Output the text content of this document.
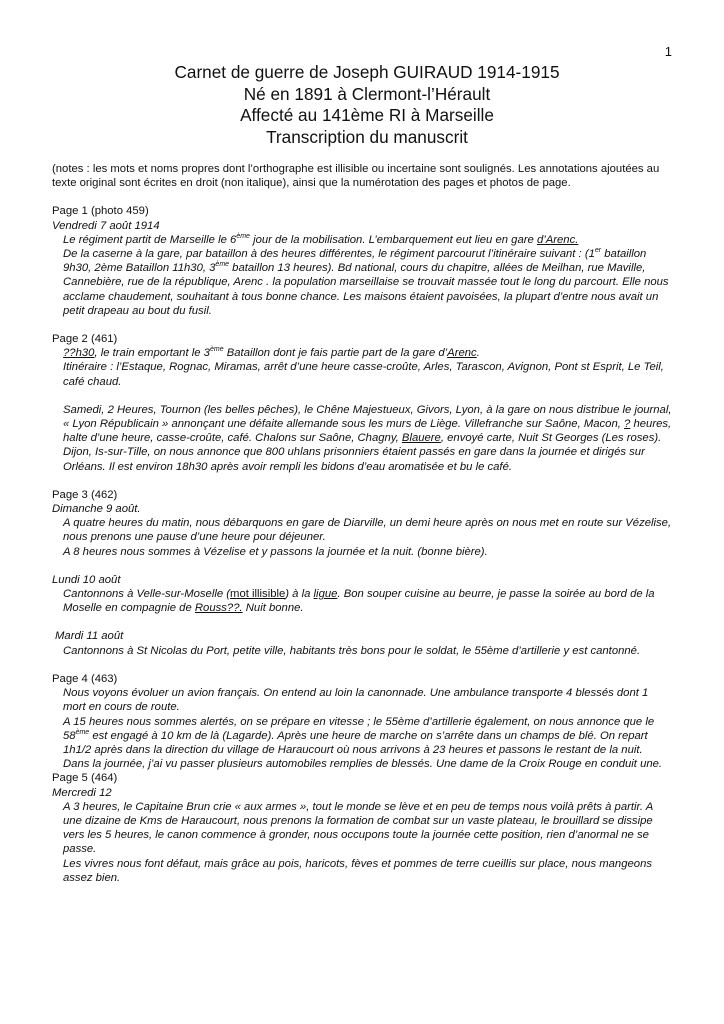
1
Carnet de guerre de Joseph GUIRAUD 1914-1915
Né en 1891 à Clermont-l’Hérault
Affecté au 141ème RI à Marseille
Transcription du manuscrit

(notes : les mots et noms propres dont l’orthographe est illisible ou incertaine sont soulignés. Les annotations ajoutées au texte original sont écrites en droit (non italique), ainsi que la numérotation des pages et photos de page.

Page 1 (photo 459)

Vendredi 7 août 1914

Le régiment partit de Marseille le 6ème jour de la mobilisation. L’embarquement eut lieu en gare d’Arenc.

De la caserne à la gare, par bataillon à des heures différentes, le régiment parcourut l’itinéraire suivant : (1er bataillon 9h30, 2ème Bataillon 11h30, 3ème bataillon 13 heures). Bd national, cours du chapitre, allées de Meilhan, rue Maville, Cannebière, rue de la république, Arenc . la population marseillaise se trouvait massée tout le long du parcourt. Elle nous acclame chaudement, souhaitant à tous bonne chance. Les maisons étaient pavoisées, la plupart d’entre nous avait un petit drapeau au bout du fusil.

Page 2 (461)

??h30, le train emportant le 3ème Bataillon dont je fais partie part de la gare d’Arenc.

Itinéraire : l’Estaque, Rognac, Miramas, arrêt d’une heure casse-croûte, Arles, Tarascon, Avignon, Pont st Esprit, Le Teil, café chaud.

Samedi, 2 Heures, Tournon (les belles pêches), le Chêne Majestueux, Givors, Lyon, à la gare on nous distribue le journal, « Lyon Républicain » annonçant une défaite allemande sous les murs de Liège. Villefranche sur Saône, Macon, ? heures, halte d’une heure, casse-croûte, café. Chalons sur Saône, Chagny, Blauere, envoyé carte, Nuit St Georges (Les roses). Dijon, Is-sur-Tille, on nous annonce que 800 uhlans prisonniers étaient passés en gare dans la journée et dirigés sur Orléans. Il est environ 18h30 après avoir rempli les bidons d’eau aromatisée et bu le café.

Page 3 (462)

Dimanche 9 août.

A quatre heures du matin, nous débarquons en gare de Diarville, un demi heure après on nous met en route sur Vézelise, nous prenons une pause d’une heure pour déjeuner.

A 8 heures nous sommes à Vézelise et y passons la journée et la nuit. (bonne bière).

Lundi 10 août

Cantonnons à Velle-sur-Moselle (mot illisible) à la ligue. Bon souper cuisine au beurre, je passe la soirée au bord de la Moselle en compagnie de Rouss??. Nuit bonne.

Mardi 11 août

Cantonnons à St Nicolas du Port, petite ville, habitants très bons pour le soldat, le 55ème d’artillerie y est cantonné.

Page 4 (463)

Nous voyons évoluer un avion français. On entend au loin la canonnade. Une ambulance transporte 4 blessés dont 1 mort en cours de route.

A 15 heures nous sommes alertés, on se prépare en vitesse ; le 55ème d’artillerie également, on nous annonce que le 58ème est engagé à 10 km de là (Lagarde). Après une heure de marche on s’arrête dans un champs de blé. On repart 1h1/2 après dans la direction du village de Haraucourt où nous arrivons à 23 heures et passons le restant de la nuit.

Dans la journée, j’ai vu passer plusieurs automobiles remplies de blessés. Une dame de la Croix Rouge en conduit une.

Page 5 (464)

Mercredi 12

A 3 heures, le Capitaine Brun crie « aux armes », tout le monde se lève et en peu de temps nous voilà prêts à partir. A une dizaine de Kms de Haraucourt, nous prenons la formation de combat sur un vaste plateau, le brouillard se dissipe vers les 5 heures, le canon commence à gronder, nous occupons toute la journée cette position, rien d’anormal ne se passe.

Les vivres nous font défaut, mais grâce au pois, haricots, fèves et pommes de terre cueillis sur place, nous mangeons assez bien.
